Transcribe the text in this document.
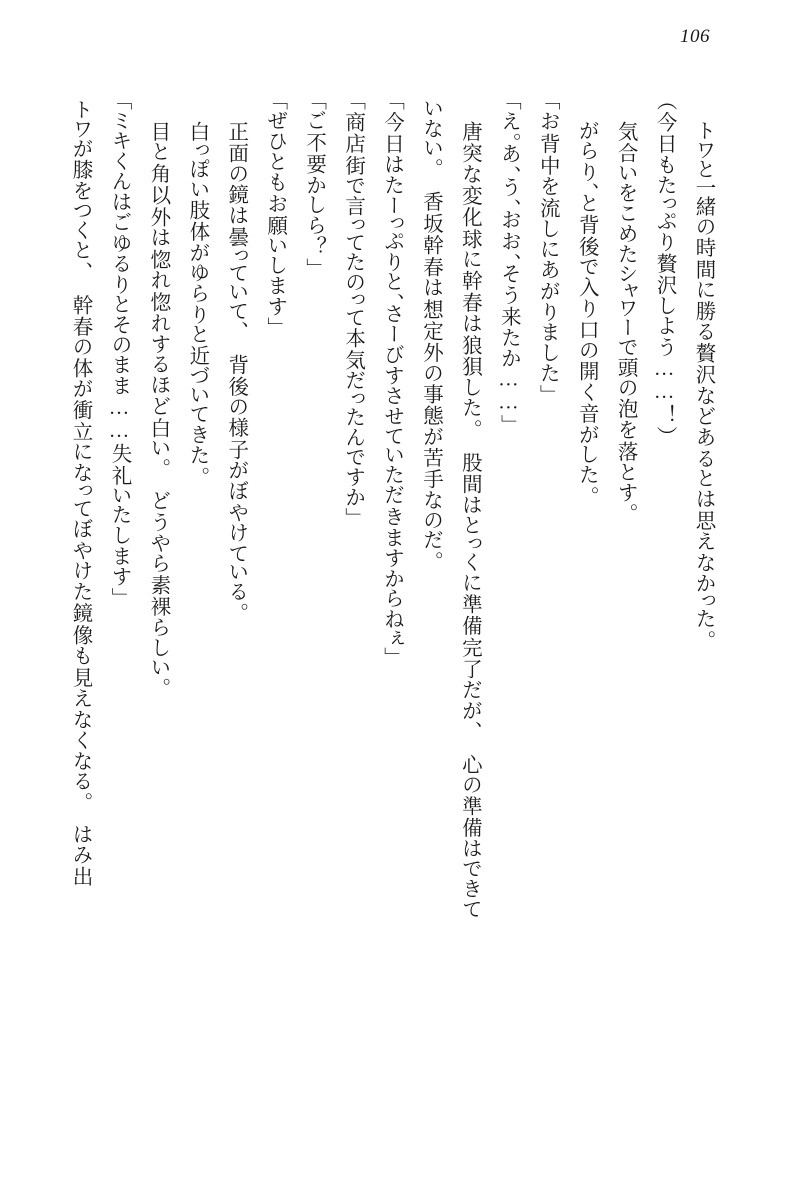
106
トワと一緒の時間に勝る贅沢などあるとは思えなかった。
（今日もたっぷり贅沢しよう……！）
気合いをこめたシャワーで頭の泡を落とす。
がらり、と背後で入り口の開く音がした。
「お背中を流しにあがりました」
「え。あ、う、おお、そう来たか……」
唐突な変化球に幹春は狼狽した。　股間はとっくに準備完了だが、　心の準備はできて
いない。　香坂幹春は想定外の事態が苦手なのだ。
「今日はたーっぷりと、さーびすさせていただきますからねぇ」
「商店街で言ってたのって本気だったんですか」
「ご不要かしら？」
「ぜひともお願いします」
正面の鏡は曇っていて、　背後の様子がぼやけている。
白っぽい肢体がゆらりと近づいてきた。
目と角以外は惚れ惚れするほど白い。　どうやら素裸らしい。
「ミキくんはごゆるりとそのまま……失礼いたします」
トワが膝をつくと、　幹春の体が衝立になってぼやけた鏡像も見えなくなる。　はみ出
